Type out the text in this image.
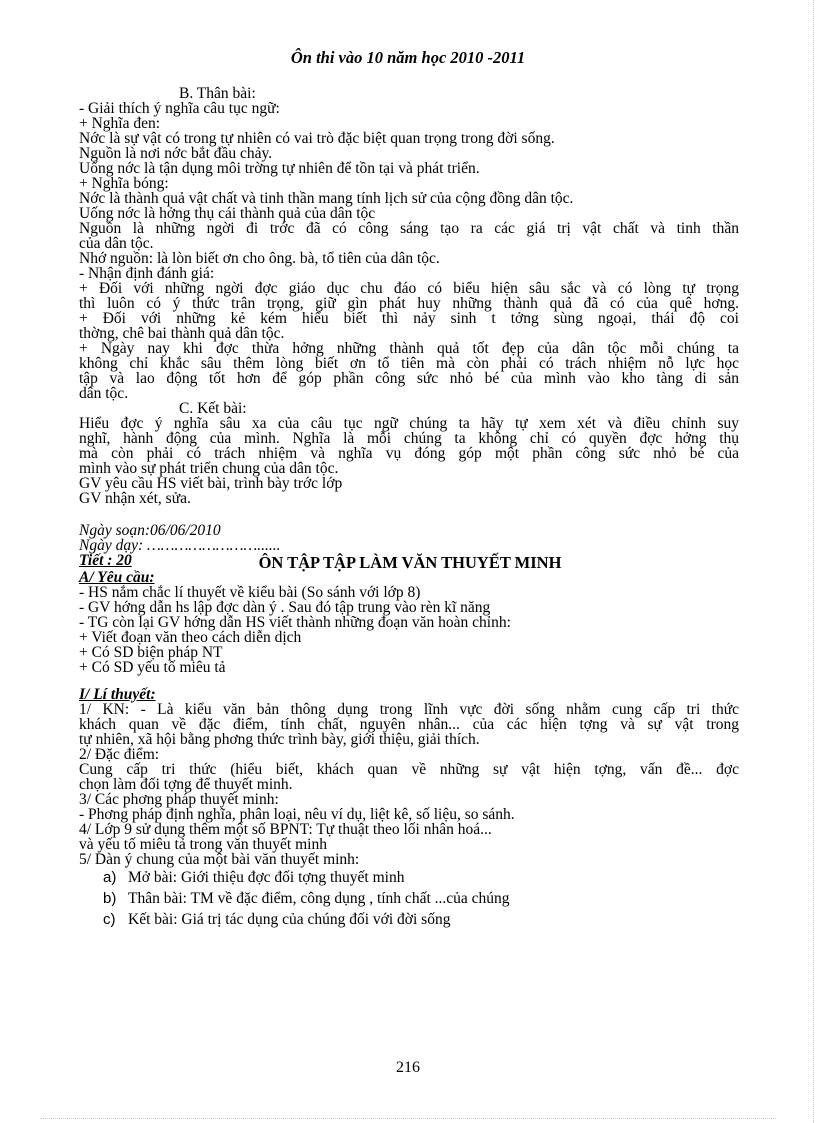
Ôn thi vào 10 năm học 2010 -2011
B. Thân bài:
- Giải thích ý nghĩa câu tục ngữ:
+ Nghĩa đen:
Nớc là sự vật có trong tự nhiên có vai trò đặc biệt quan trọng trong đời sống.
Nguồn là nơi nớc bắt đầu chảy.
Uống nớc là tận dụng môi trờng tự nhiên để tồn tại và phát triển.
+ Nghĩa bóng:
Nớc là thành quả vật chất và tinh thần mang tính lịch sử của cộng đồng dân tộc.
Uống nớc là hởng thụ cái thành quả của dân tộc
Nguồn là những ngời đi trớc đã có công sáng tạo ra các giá trị vật chất và tinh thần
của dân tộc.
Nhớ nguồn: là lòn biết ơn cho ông. bà, tổ tiên của dân tộc.
- Nhận định đánh giá:
+ Đối với những ngời đợc giáo dục chu đáo có biểu hiện sâu sắc và có lòng tự trọng
thì luôn có ý thức trân trọng, giữ gìn phát huy những thành quả đã có của quê hơng.
+ Đối với những kẻ kém hiểu biết thì nảy sinh t tởng sùng ngoại, thái độ coi
thờng, chê bai thành quả dân tộc.
+ Ngày nay khi đợc thừa hởng những thành quả tốt đẹp của dân tộc mỗi chúng ta
không chỉ khắc sâu thêm lòng biết ơn tổ tiên mà còn phải có trách nhiệm nỗ lực học
tập và lao động tốt hơn để góp phần công sức nhỏ bé của mình vào kho tàng di sản
dân tộc.
C. Kết bài:
Hiểu đợc ý nghĩa sâu xa của câu tục ngữ chúng ta hãy tự xem xét và điều chỉnh suy
nghĩ, hành động của mình. Nghĩa là mỗi chúng ta không chỉ có quyền đợc hởng thụ
mà còn phải có trách nhiệm và nghĩa vụ đóng góp một phần công sức nhỏ bé của
mình vào sự phát triển chung của dân tộc.
GV yêu cầu HS viết bài, trình bày trớc lớp
GV nhận xét, sửa.
Ngày soạn:06/06/2010
Ngày dạy: ……………………......
Tiết : 20
A/ Yêu cầu:
- HS nắm chắc lí thuyết về kiểu bài (So sánh với lớp 8)
- GV hớng dẫn hs lập đợc dàn ý . Sau đó tập trung vào rèn kĩ năng
- TG còn lại GV hớng dẫn HS viết thành những đoạn văn hoàn chỉnh:
+ Viết đoạn văn theo cách diễn dịch
+ Có SD biện pháp NT
+ Có SD yếu tố miêu tả
I/ Lí thuyết:
1/ KN: - Là kiểu văn bản thông dụng trong lĩnh vực đời sống nhằm cung cấp tri thức
khách quan về đặc điểm, tính chất, nguyên nhân... của các hiện tợng và sự vật trong
tự nhiên, xã hội bằng phơng thức trình bày, giới thiệu, giải thích.
2/ Đặc điểm:
Cung cấp tri thức (hiểu biết, khách quan về những sự vật hiện tợng, vấn đề... đợc
chọn làm đối tợng để thuyết minh.
3/ Các phơng pháp thuyết minh:
- Phơng pháp định nghĩa, phân loại, nêu ví dụ, liệt kê, số liệu, so sánh.
4/ Lớp 9 sử dụng thêm một số BPNT: Tự thuật theo lối nhân hoá...
và yếu tố miêu tả trong văn thuyết minh
5/ Dàn ý chung của một bài văn thuyết minh:
a) Mở bài: Giới thiệu đợc đối tợng thuyết minh
b) Thân bài: TM về đặc điểm, công dụng , tính chất ...của chúng
c) Kết bài: Giá trị tác dụng của chúng đối với đời sống
ÔN TẬP TẬP LÀM VĂN THUYẾT MINH
216
